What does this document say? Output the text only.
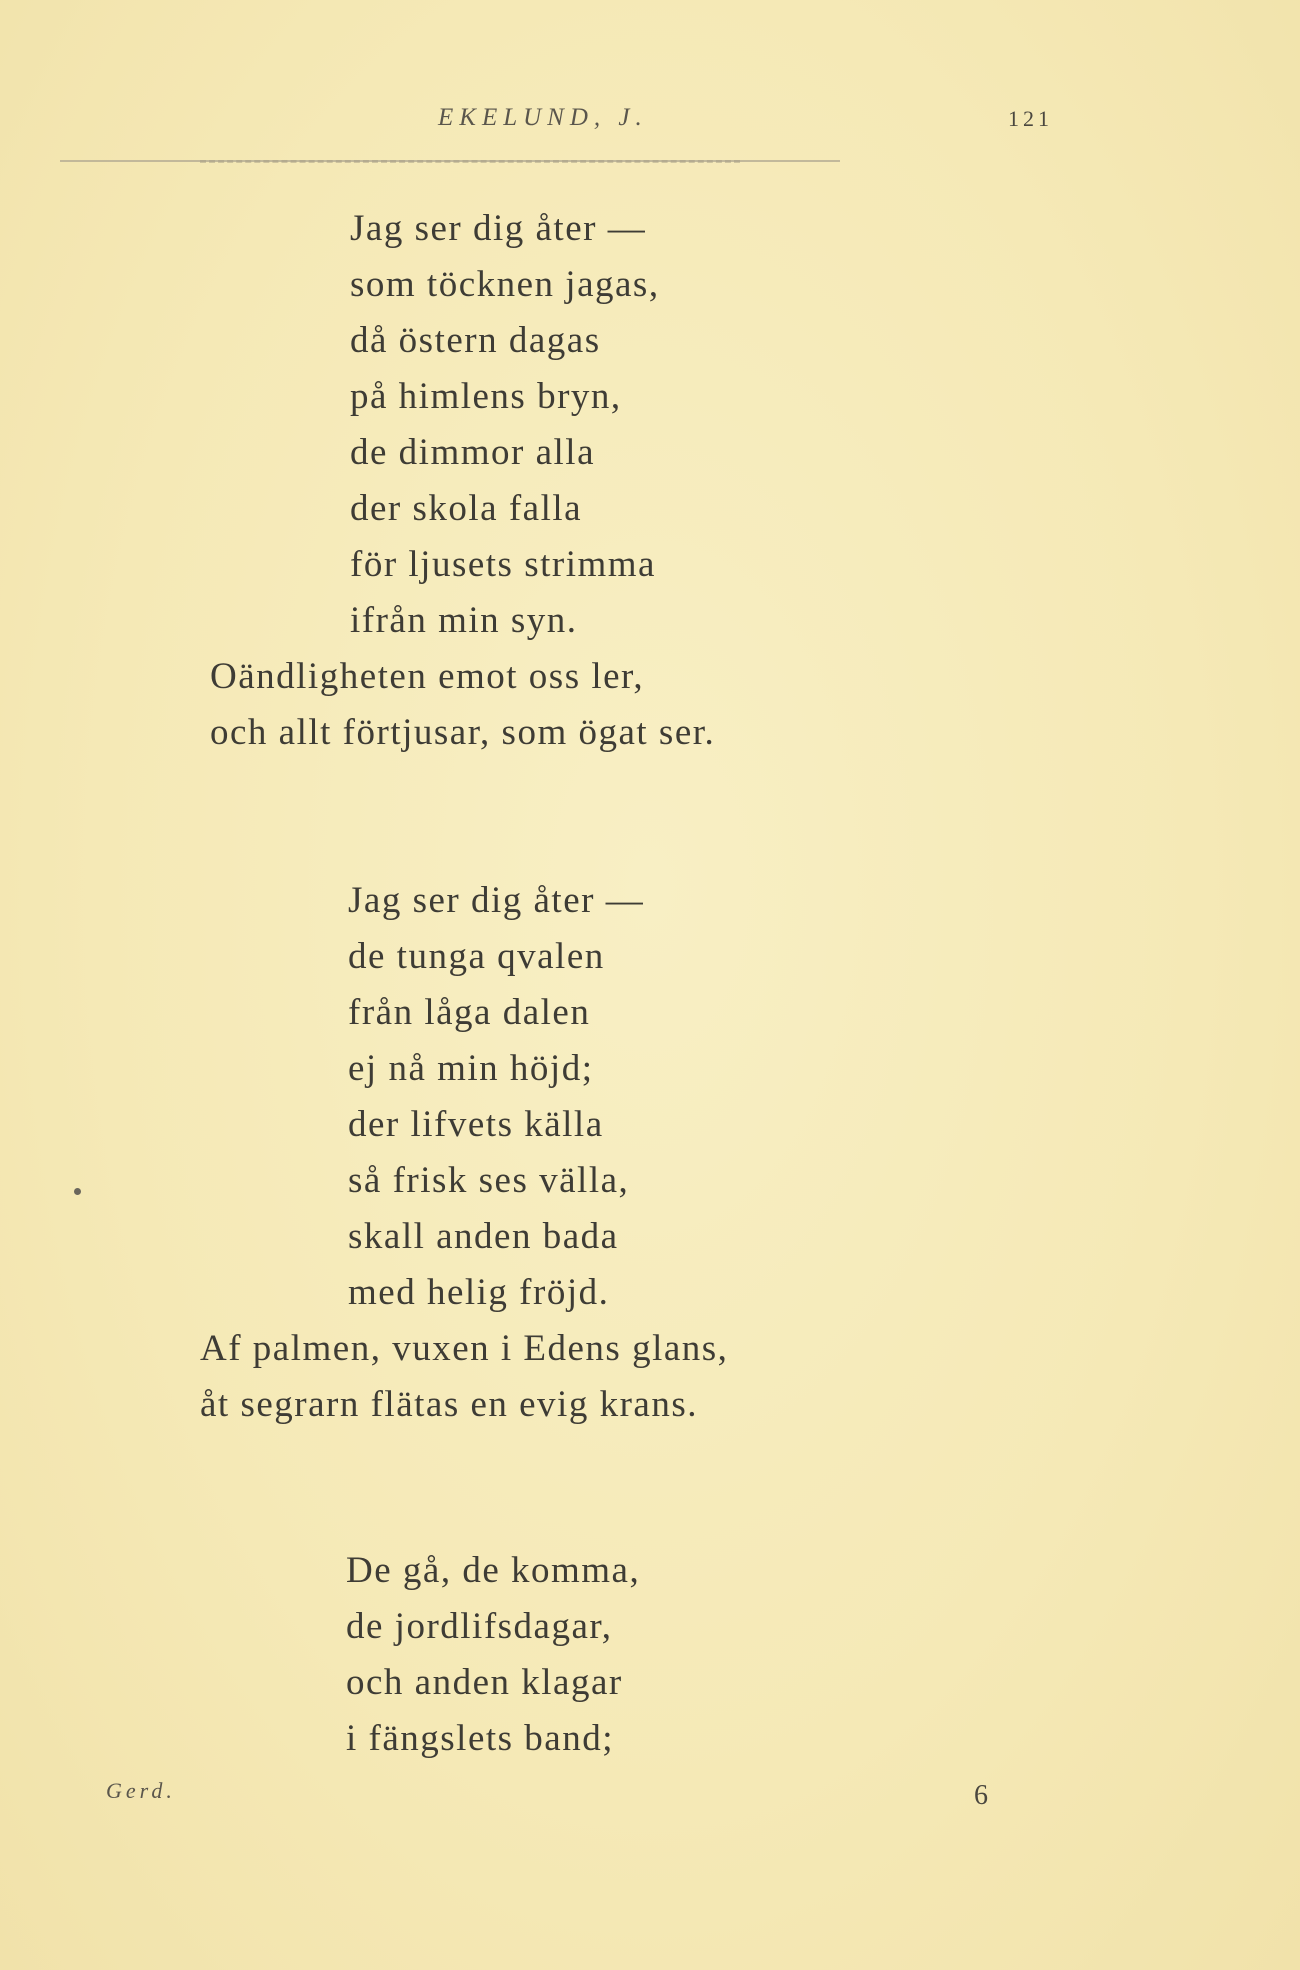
EKELUND, J.	121
Jag ser dig åter —
som töcknen jagas,
då östern dagas
på himlens bryn,
de dimmor alla
der skola falla
för ljusets strimma
ifrån min syn.
Oändligheten emot oss ler,
och allt förtjusar, som ögat ser.
Jag ser dig åter —
de tunga qvalen
från låga dalen
ej nå min höjd;
der lifvets källa
så frisk ses välla,
skall anden bada
med helig fröjd.
Af palmen, vuxen i Edens glans,
åt segrarn flätas en evig krans.
De gå, de komma,
de jordlifsdagar,
och anden klagar
i fängslets band;
Gerd.	6
